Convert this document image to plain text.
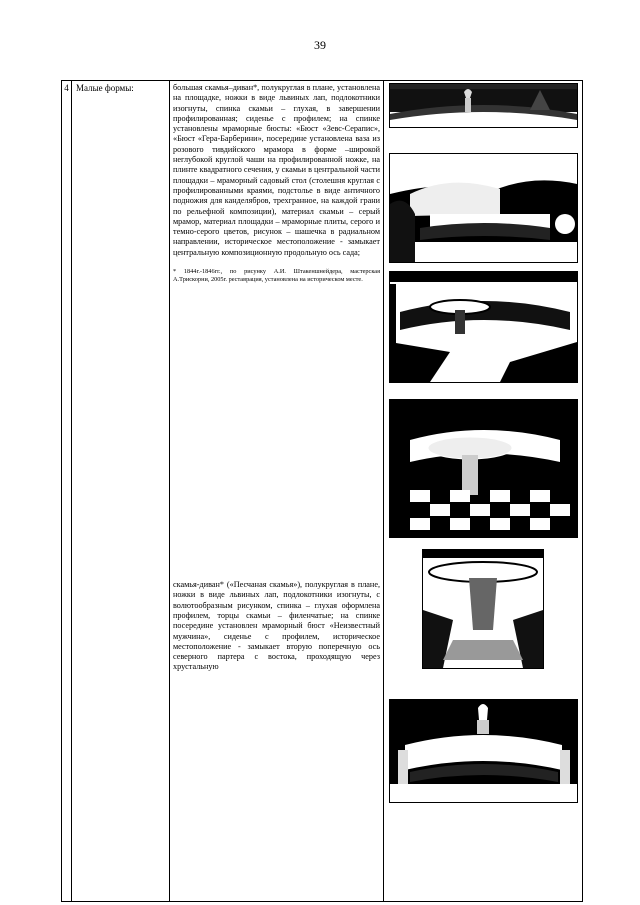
39
4	Малые формы:	большая скамья–диван*, полукруглая в плане, установлена на площадке, ножки в виде львиных лап, подлокотники изогнуты, спинка скамьи – глухая, в завершении профилированная; сиденье с профилем; на спинке установлены мраморные бюсты: «Бюст «Зевс-Серапис», «Бюст «Гера-Барберини», посередине установлена ваза из розового тивдийского мрамора в форме –широкой неглубокой круглой чаши на профилированной ножке, на плинте квадратного сечения, у скамьи в центральной части площадки – мраморный садовый стол (столешня круглая с профилированными краями, подстолье в виде античного подножия для канделябров, трехгранное, на каждой грани по рельефной композиции), материал скамьи – серый мрамор, материал площадки – мраморные плиты, серого и темно-серого цветов, рисунок – шашечка в радиальном направлении, историческое местоположение - замыкает центральную композиционную продольную ось сада;

* 1844г.-1846гг., по рисунку А.И. Штакеншнейдера, мастерская А.Трискорни, 2005г. реставрация, установлена на историческом месте.

скамья-диван* («Песчаная скамья»), полукруглая в плане, ножки в виде львиных лап, подлокотники изогнуты, с волютообразным рисунком, спинка – глухая оформлена профилем, торцы скамьи – филенчатые; на спинке посередине установлен мраморный бюст «Неизвестный мужчина», сиденье с профилем, историческое местоположение - замыкает вторую поперечную ось северного партера с востока, проходящую через хрустальную
